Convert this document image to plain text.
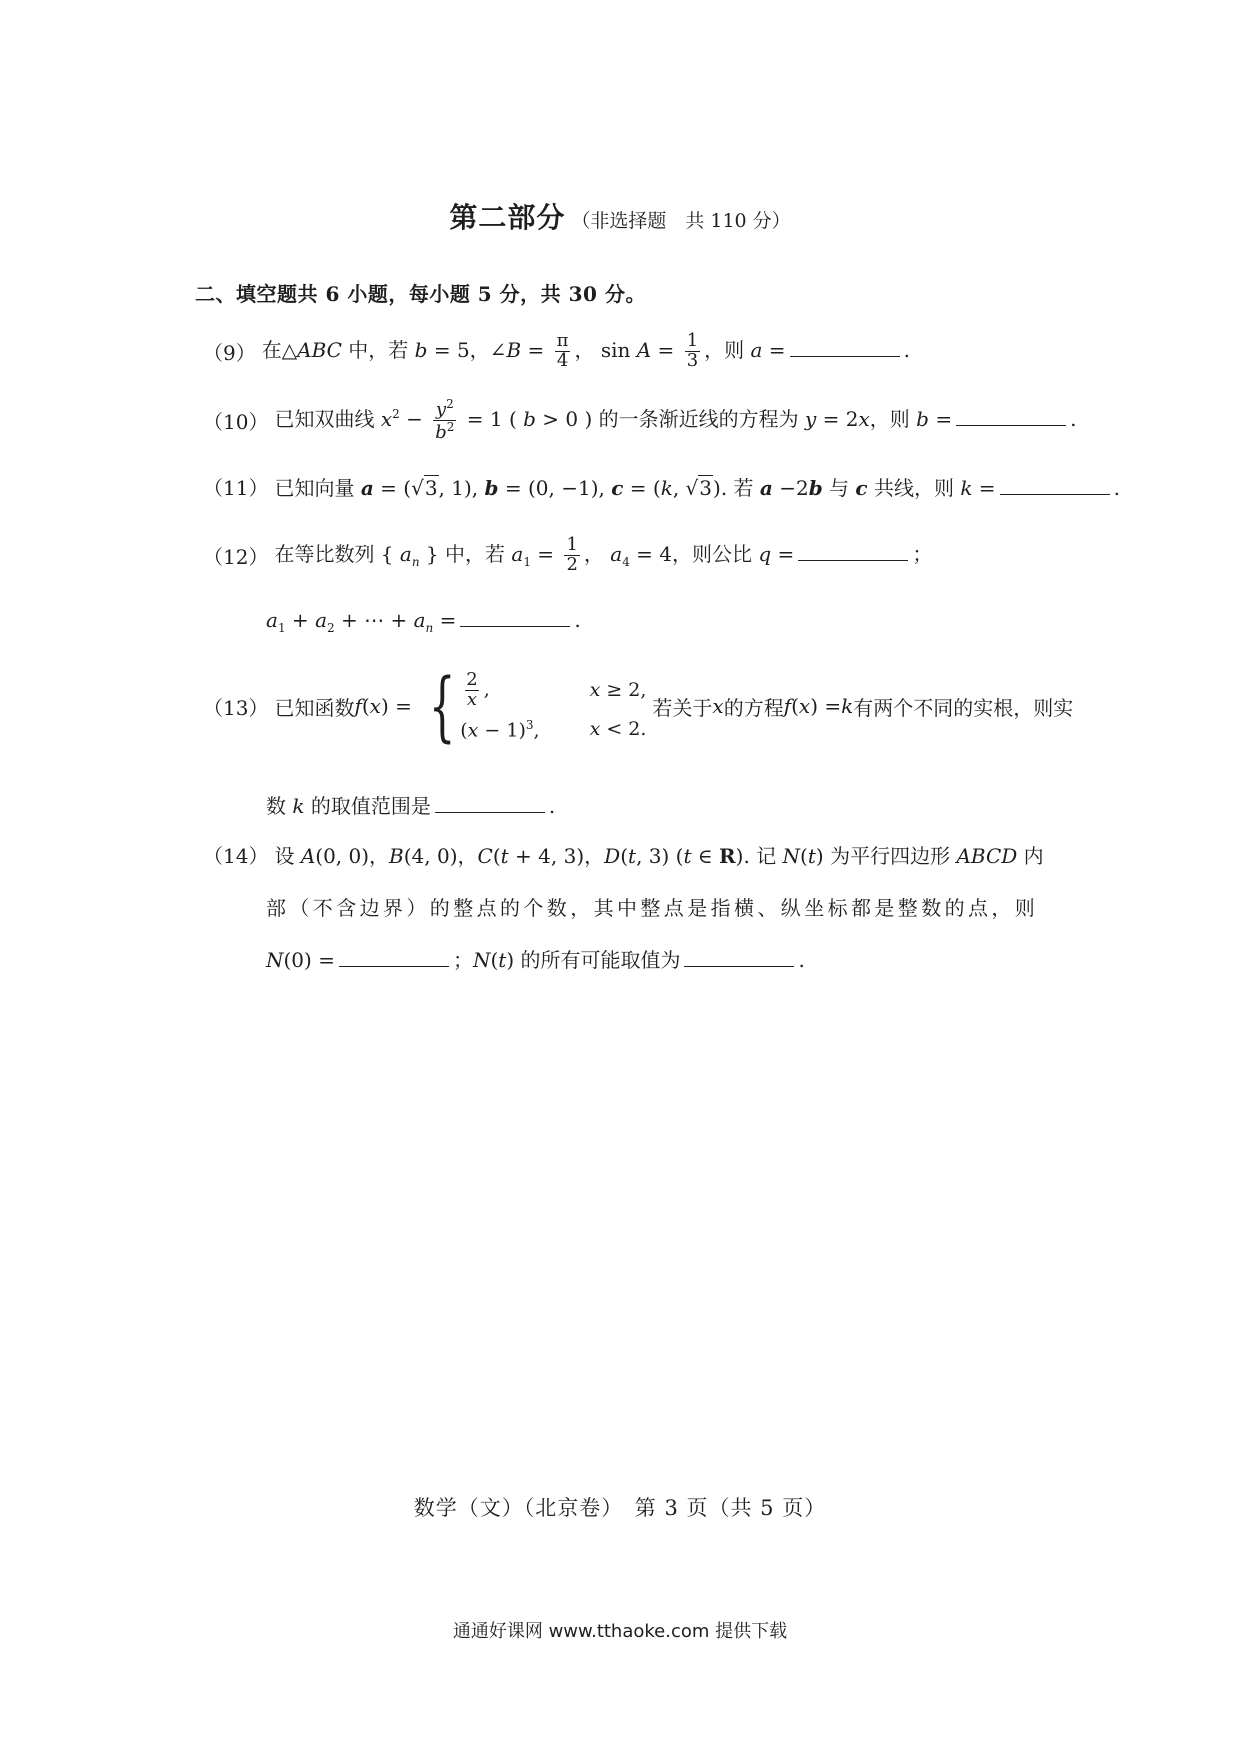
第二部分 （非选择题　共 110 分）
二、填空题共 6 小题，每小题 5 分，共 30 分。
（9） 在△ABC 中，若 b = 5，∠B = $\frac{\pi}{4}$ ， $\sin A = \frac{1}{3}$ ，则 a =	.
（10） 已知双曲线 $x^2 - \frac{y^2}{b^2} = 1$ ( b > 0 ) 的一条渐近线的方程为 y = 2x，则 b =	.
（11） 已知向量 a = (√3, 1), b = (0, −1), c = (k, √3). 若 a −2b 与 c 共线，则 k =	.
（12） 在等比数列 { $a_n$ } 中，若 $a_1 = \frac{1}{2}$ ， $a_4 = 4$，则公比 q =	；
$a_1 + a_2$ + ⋯ + $a_n$ =	.
（13） 已知函数 f ( x ) = { $\frac{2}{x}$ ,	x ≥ 2,
$(x - 1)^3$,	x < 2.
若关于 x 的方程 f ( x ) = k 有两个不同的实根，则实
数 k 的取值范围是	.
（14） 设 A(0, 0)，B(4, 0)，C(t + 4, 3)，D(t, 3) (t ∈ R). 记 N(t) 为平行四边形 ABCD 内
部（不含边界）的整点的个数，其中整点是指横、纵坐标都是整数的点，则
N(0) =	；N(t) 的所有可能取值为	.
数学（文）（北京卷）　第 3 页（共 5 页）
通通好课网 www.tthaoke.com 提供下载
